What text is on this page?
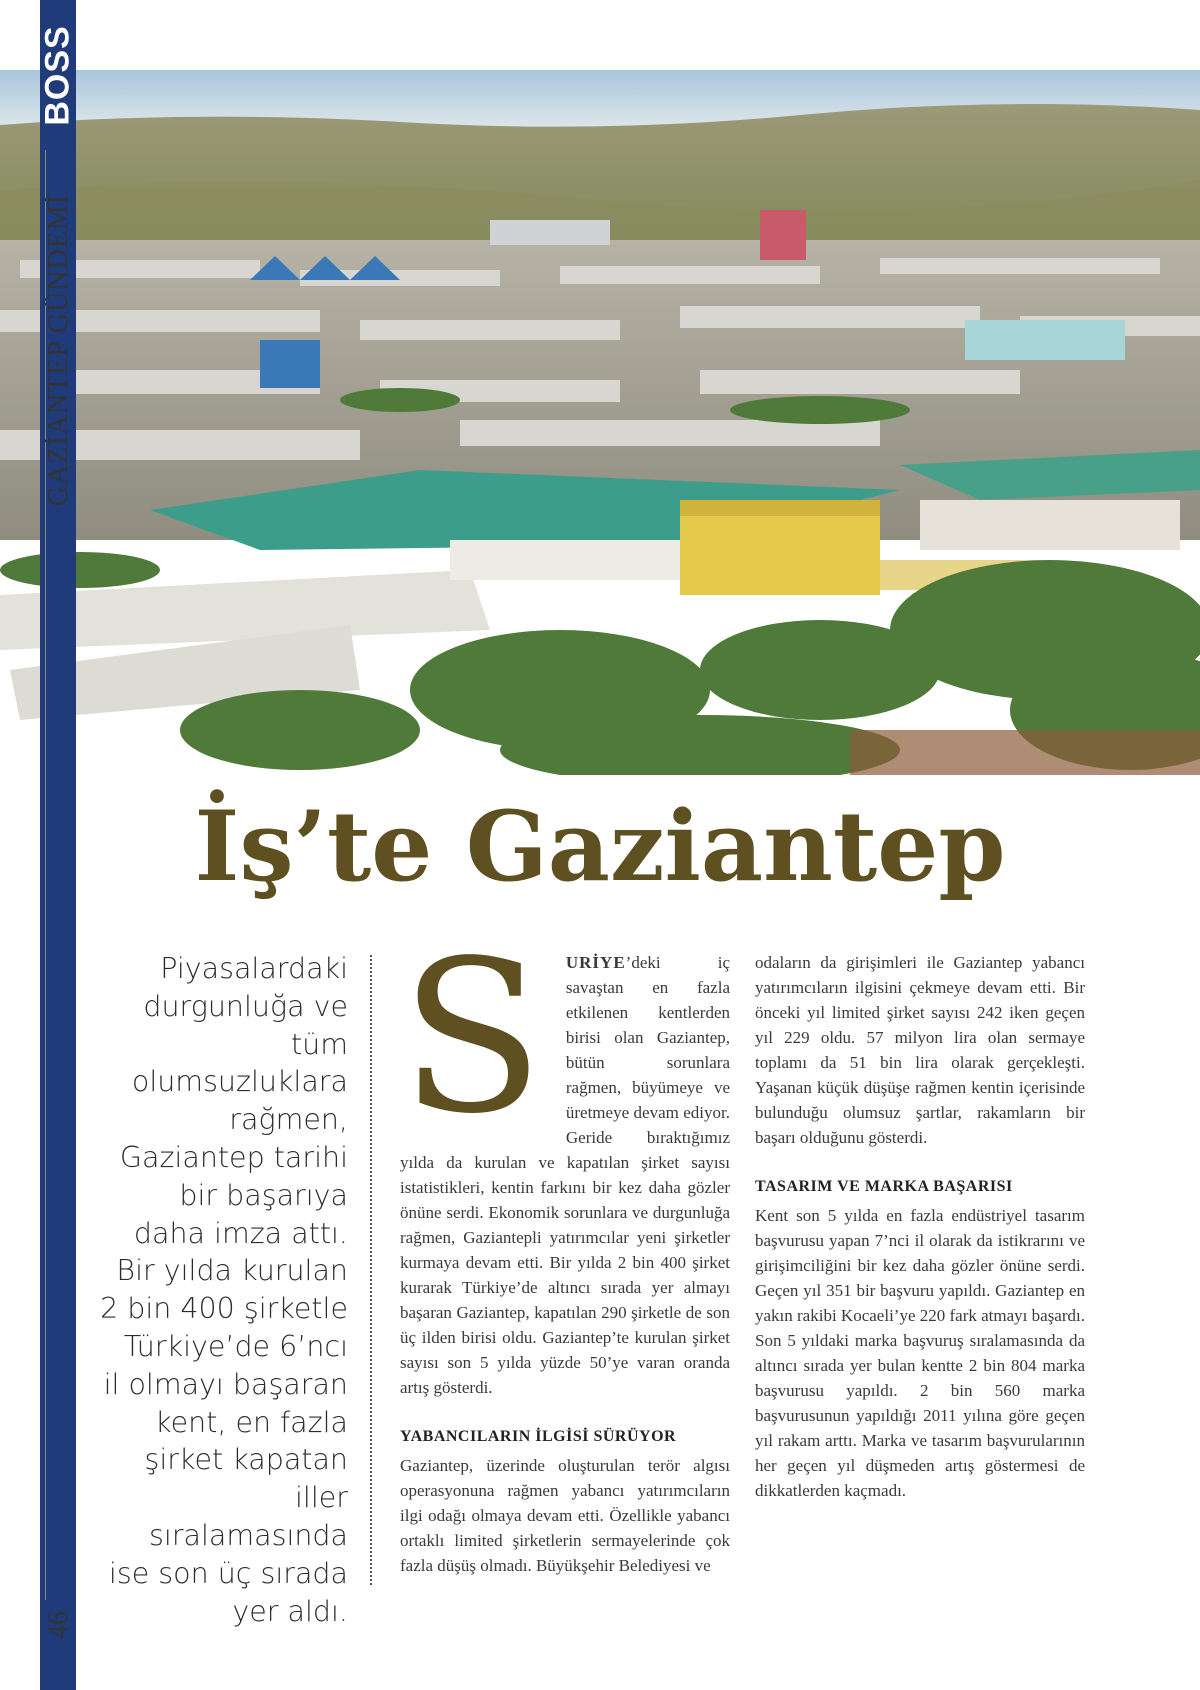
BOSS
GAZİANTEP GÜNDEMİ
46
İş’te Gaziantep
Piyasalardaki durgunluğa ve tüm olumsuzluklara rağmen, Gaziantep tarihi bir başarıya daha imza attı. Bir yılda kurulan 2 bin 400 şirketle Türkiye’de 6’ncı il olmayı başaran kent, en fazla şirket kapatan iller sıralamasında ise son üç sırada yer aldı.
S	URİYE’deki iç savaştan en fazla etkilenen kentlerden birisi olan Gaziantep, bütün sorunlara rağmen, büyümeye ve üretmeye devam ediyor. Geride bıraktığımız yılda da kurulan ve kapatılan şirket sayısı istatistikleri, kentin farkını bir kez daha gözler önüne serdi. Ekonomik sorunlara ve durgunluğa rağmen, Gaziantepli yatırımcılar yeni şirketler kurmaya devam etti. Bir yılda 2 bin 400 şirket kurarak Türkiye’de altıncı sırada yer almayı başaran Gaziantep, kapatılan 290 şirketle de son üç ilden birisi oldu. Gaziantep’te kurulan şirket sayısı son 5 yılda yüzde 50’ye varan oranda artış gösterdi.

YABANCILARIN İLGİSİ SÜRÜYOR

Gaziantep, üzerinde oluşturulan terör algısı operasyonuna rağmen yabancı yatırımcıların ilgi odağı olmaya devam etti. Özellikle yabancı ortaklı limited şirketlerin sermayelerinde çok fazla düşüş olmadı. Büyükşehir Belediyesi ve

odaların da girişimleri ile Gaziantep yabancı yatırımcıların ilgisini çekmeye devam etti. Bir önceki yıl limited şirket sayısı 242 iken geçen yıl 229 oldu. 57 milyon lira olan sermaye toplamı da 51 bin lira olarak gerçekleşti. Yaşanan küçük düşüşe rağmen kentin içerisinde bulunduğu olumsuz şartlar, rakamların bir başarı olduğunu gösterdi.

TASARIM VE MARKA BAŞARISI

Kent son 5 yılda en fazla endüstriyel tasarım başvurusu yapan 7’nci il olarak da istikrarını ve girişimciliğini bir kez daha gözler önüne serdi. Geçen yıl 351 bir başvuru yapıldı. Gaziantep en yakın rakibi Kocaeli’ye 220 fark atmayı başardı. Son 5 yıldaki marka başvuruş sıralamasında da altıncı sırada yer bulan kentte 2 bin 804 marka başvurusu yapıldı. 2 bin 560 marka başvurusunun yapıldığı 2011 yılına göre geçen yıl rakam arttı. Marka ve tasarım başvurularının her geçen yıl düşmeden artış göstermesi de dikkatlerden kaçmadı.
